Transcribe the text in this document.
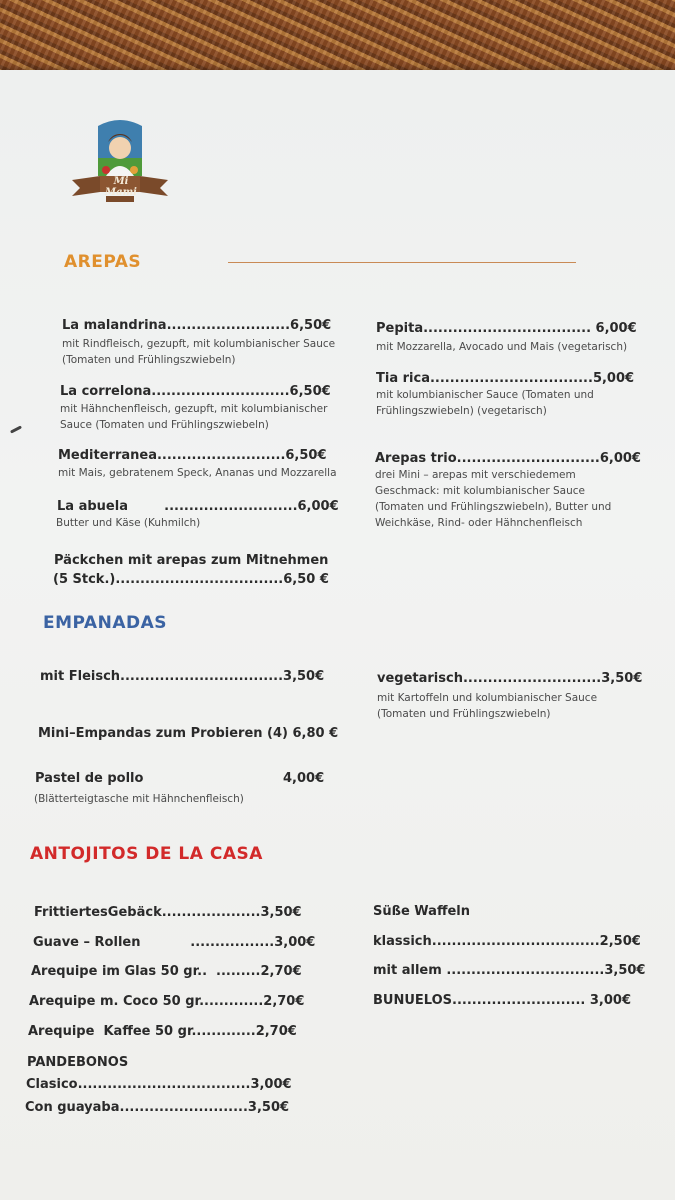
Mi Mami
AREPAS
La malandrina.........................6,50€
mit Rindfleisch, gezupft, mit kolumbianischer Sauce (Tomaten und Frühlingszwiebeln)
La correlona............................6,50€
mit Hähnchenfleisch, gezupft, mit kolumbianischer Sauce (Tomaten und Frühlingszwiebeln)
Mediterranea..........................6,50€
mit Mais, gebratenem Speck, Ananas und Mozzarella
La abuela        ...........................6,00€
Butter und Käse (Kuhmilch)
Pepita.................................. 6,00€
mit Mozzarella, Avocado und Mais (vegetarisch)
Tia rica.................................5,00€
mit kolumbianischer Sauce (Tomaten und Frühlingszwiebeln) (vegetarisch)
Arepas trio.............................6,00€
drei Mini – arepas mit verschiedemem Geschmack: mit kolumbianischer Sauce (Tomaten und Frühlingszwiebeln), Butter und Weichkäse, Rind- oder Hähnchenfleisch
Päckchen mit arepas zum Mitnehmen
(5 Stck.)..................................6,50 €
EMPANADAS
mit Fleisch.................................3,50€	vegetarisch............................3,50€
mit Kartoffeln und kolumbianischer Sauce (Tomaten und Frühlingszwiebeln)
Mini–Empandas zum Probieren (4) 6,80 €
Pastel de pollo	4,00€
(Blätterteigtasche mit Hähnchenfleisch)
ANTOJITOS DE LA CASA
FrittiertesGebäck....................3,50€
Guave – Rollen           .................3,00€
Arequipe im Glas 50 gr..  .........2,70€
Arequipe m. Coco 50 gr.............2,70€
Arequipe  Kaffee 50 gr.............2,70€
PANDEBONOS
Clasico...................................3,00€
Con guayaba..........................3,50€
Süße Waffeln
klassich..................................2,50€
mit allem ................................3,50€
BUNUELOS........................... 3,00€
